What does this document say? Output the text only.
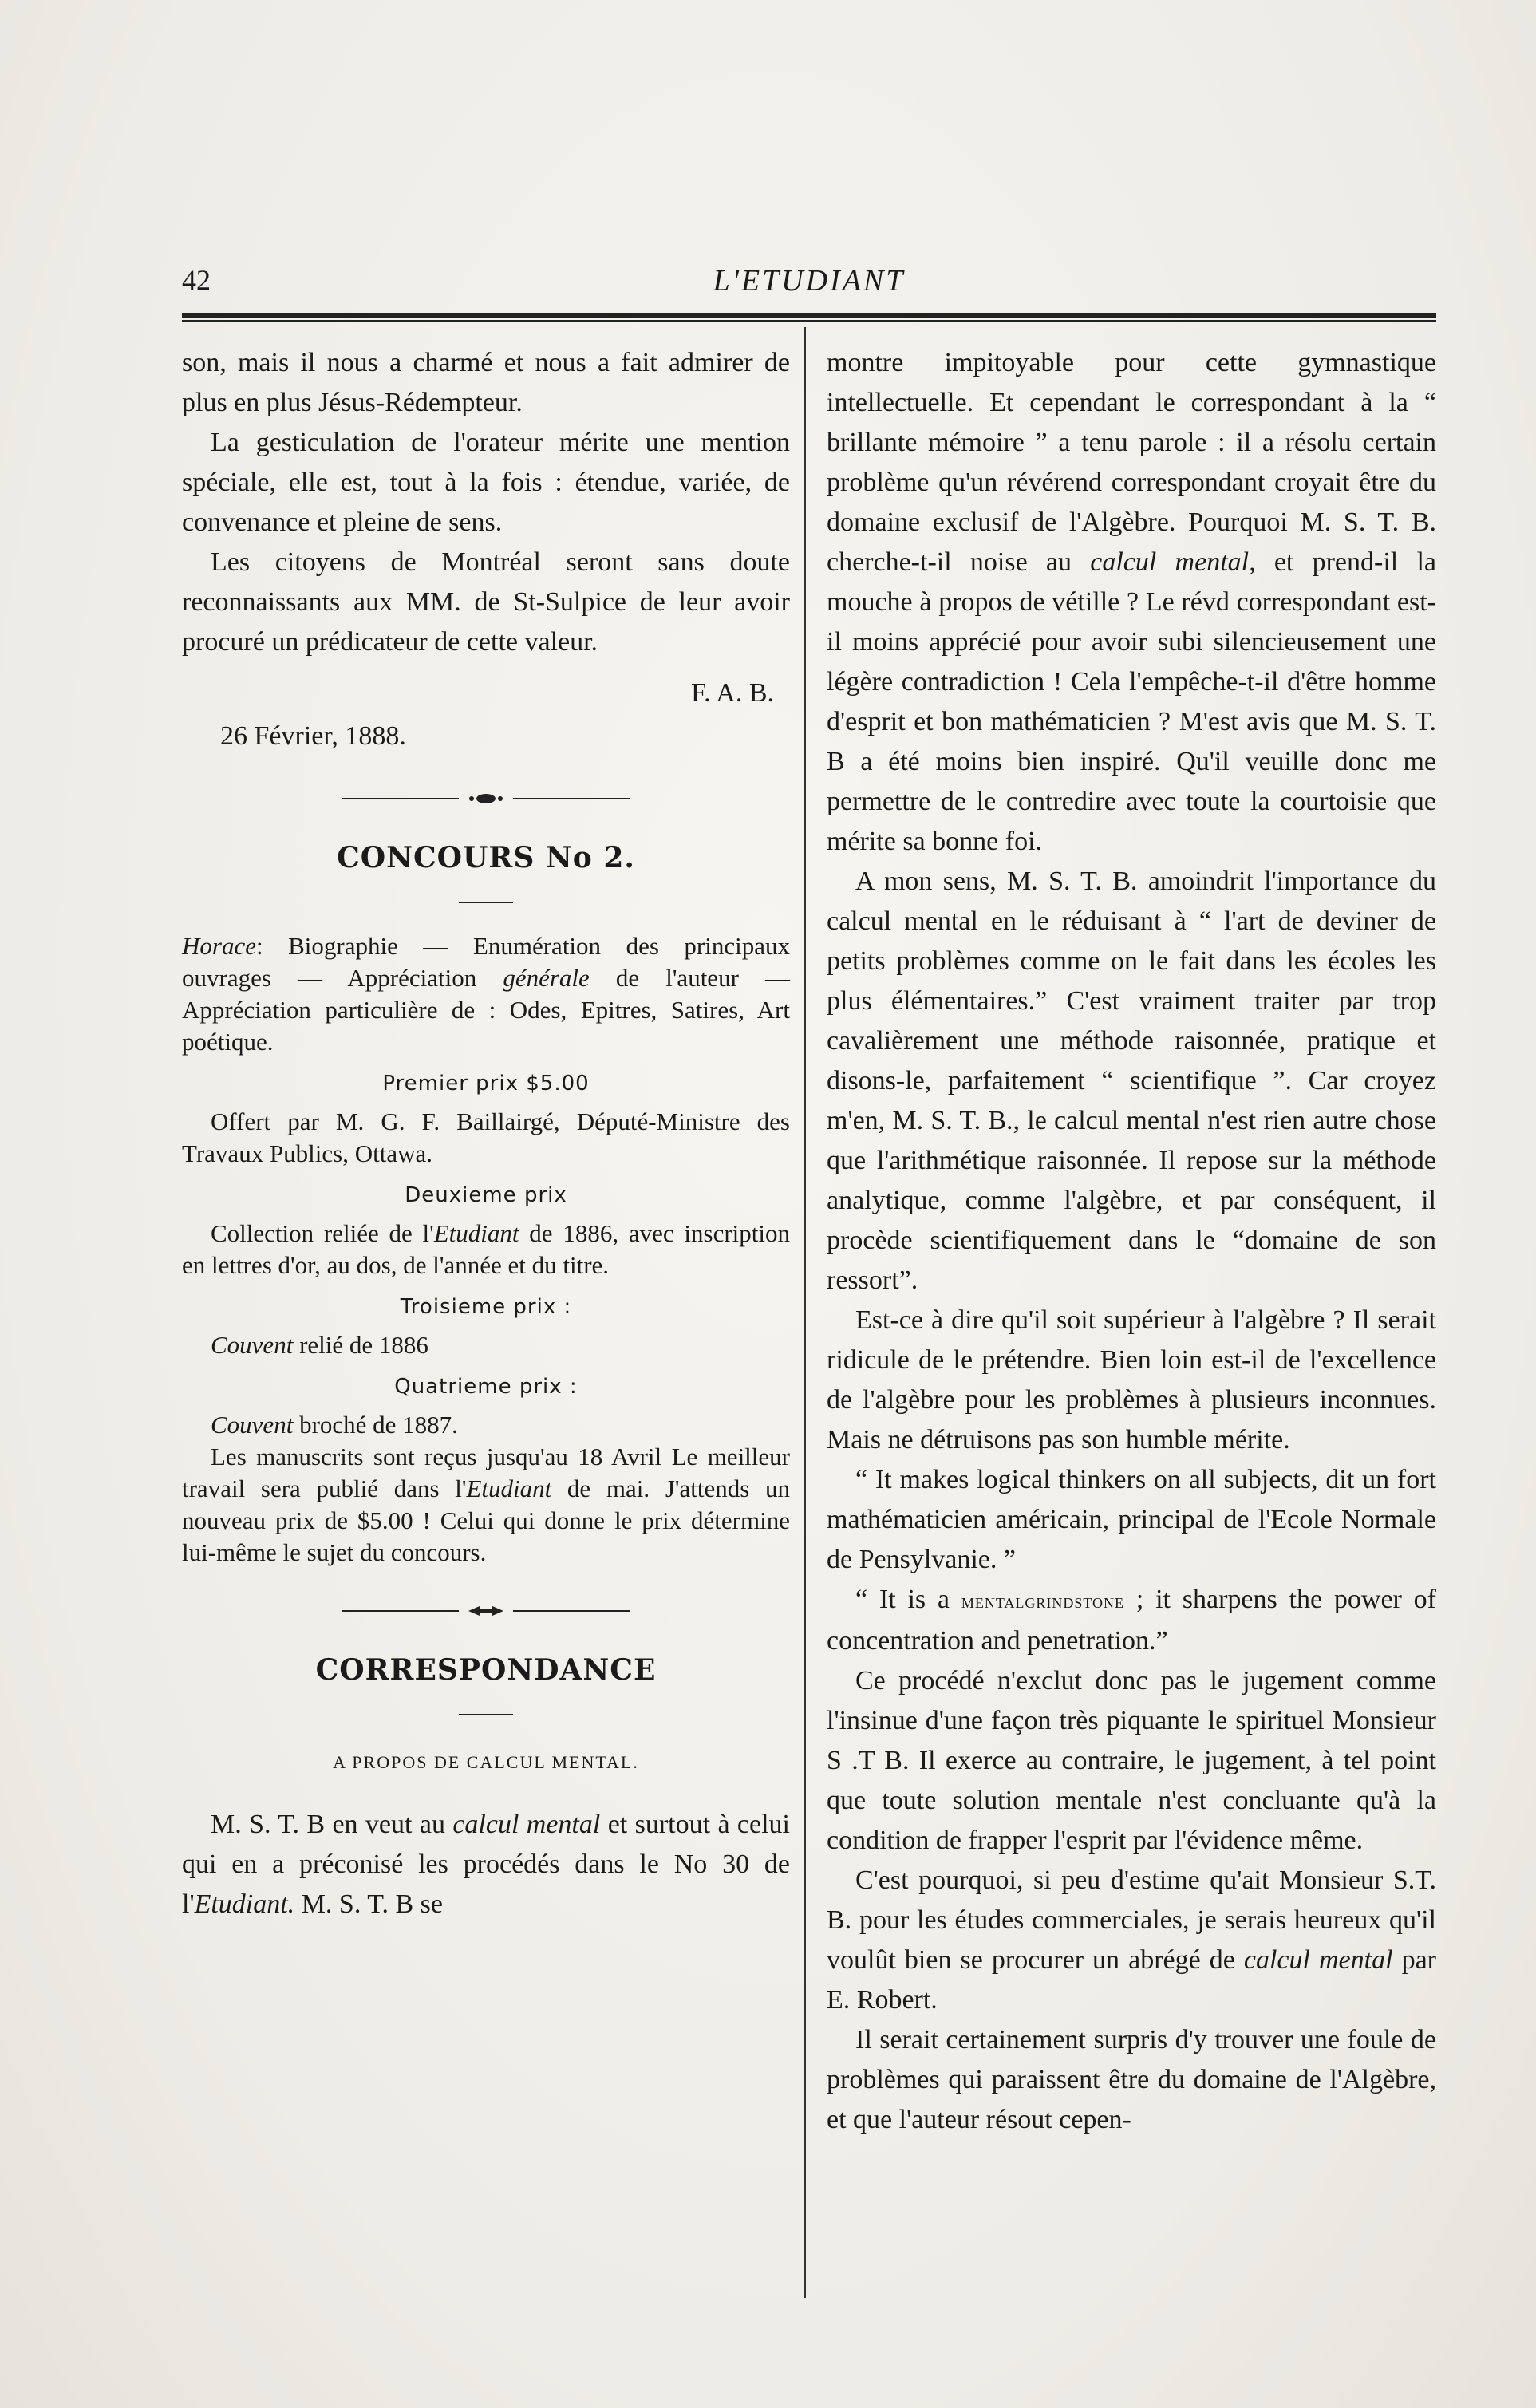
42	L'ETUDIANT

son, mais il nous a charmé et nous a fait admirer de plus en plus Jésus-Rédempteur.

La gesticulation de l'orateur mérite une mention spéciale, elle est, tout à la fois : étendue, variée, de convenance et pleine de sens.

Les citoyens de Montréal seront sans doute reconnaissants aux MM. de St-Sulpice de leur avoir procuré un prédicateur de cette valeur.

F. A. B.

26 Février, 1888.

CONCOURS No 2.

Horace: Biographie — Enumération des principaux ouvrages — Appréciation générale de l'auteur — Appréciation particulière de : Odes, Epitres, Satires, Art poétique.

Premier prix $5.00

Offert par M. G. F. Baillairgé, Député-Ministre des Travaux Publics, Ottawa.

Deuxieme prix

Collection reliée de l'Etudiant de 1886, avec inscription en lettres d'or, au dos, de l'année et du titre.

Troisieme prix :

Couvent relié de 1886

Quatrieme prix :

Couvent broché de 1887.

Les manuscrits sont reçus jusqu'au 18 Avril Le meilleur travail sera publié dans l'Etudiant de mai. J'attends un nouveau prix de $5.00 ! Celui qui donne le prix détermine lui-même le sujet du concours.

CORRESPONDANCE

A PROPOS DE CALCUL MENTAL.

M. S. T. B en veut au calcul mental et surtout à celui qui en a préconisé les procédés dans le No 30 de l'Etudiant. M. S. T. B se

montre impitoyable pour cette gymnastique intellectuelle. Et cependant le correspondant à la “ brillante mémoire ” a tenu parole : il a résolu certain problème qu'un révérend correspondant croyait être du domaine exclusif de l'Algèbre. Pourquoi M. S. T. B. cherche-t-il noise au calcul mental, et prend-il la mouche à propos de vétille ? Le révd correspondant est-il moins apprécié pour avoir subi silencieusement une légère contradiction ! Cela l'empêche-t-il d'être homme d'esprit et bon mathématicien ? M'est avis que M. S. T. B a été moins bien inspiré. Qu'il veuille donc me permettre de le contredire avec toute la courtoisie que mérite sa bonne foi.

A mon sens, M. S. T. B. amoindrit l'importance du calcul mental en le réduisant à “ l'art de deviner de petits problèmes comme on le fait dans les écoles les plus élémentaires.” C'est vraiment traiter par trop cavalièrement une méthode raisonnée, pratique et disons-le, parfaitement “ scientifique ”. Car croyez m'en, M. S. T. B., le calcul mental n'est rien autre chose que l'arithmétique raisonnée. Il repose sur la méthode analytique, comme l'algèbre, et par conséquent, il procède scientifiquement dans le “domaine de son ressort”.

Est-ce à dire qu'il soit supérieur à l'algèbre ? Il serait ridicule de le prétendre. Bien loin est-il de l'excellence de l'algèbre pour les problèmes à plusieurs inconnues. Mais ne détruisons pas son humble mérite.

“ It makes logical thinkers on all subjects, dit un fort mathématicien américain, principal de l'Ecole Normale de Pensylvanie. ”

“ It is a mentalgrindstone ; it sharpens the power of concentration and penetration.”

Ce procédé n'exclut donc pas le jugement comme l'insinue d'une façon très piquante le spirituel Monsieur S .T B. Il exerce au contraire, le jugement, à tel point que toute solution mentale n'est concluante qu'à la condition de frapper l'esprit par l'évidence même.

C'est pourquoi, si peu d'estime qu'ait Monsieur S.T. B. pour les études commerciales, je serais heureux qu'il voulût bien se procurer un abrégé de calcul mental par E. Robert.

Il serait certainement surpris d'y trouver une foule de problèmes qui paraissent être du domaine de l'Algèbre, et que l'auteur résout cepen-
